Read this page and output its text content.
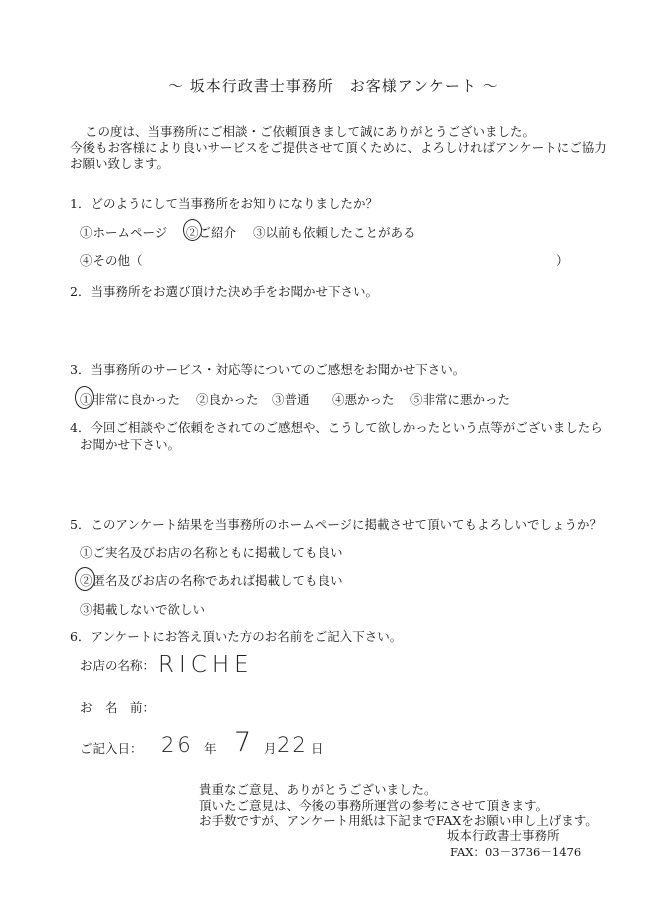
～ 坂本行政書士事務所　お客様アンケート ～
この度は、当事務所にご相談・ご依頼頂きまして誠にありがとうございました。
今後もお客様により良いサービスをご提供させて頂くために、よろしければアンケートにご協力
お願い致します。
1．どのようにして当事務所をお知りになりましたか？
①ホームページ ②ご紹介 ③以前も依頼したことがある
④その他（	）
2．当事務所をお選び頂けた決め手をお聞かせ下さい。
3．当事務所のサービス・対応等についてのご感想をお聞かせ下さい。
①非常に良かった ②良かった ③普通 ④悪かった ⑤非常に悪かった
4．今回ご相談やご依頼をされてのご感想や、こうして欲しかったという点等がございましたら
お聞かせ下さい。
5．このアンケート結果を当事務所のホームページに掲載させて頂いてもよろしいでしょうか？
①ご実名及びお店の名称ともに掲載しても良い
②匿名及びお店の名称であれば掲載しても良い
③掲載しないで欲しい
6．アンケートにお答え頂いた方のお名前をご記入下さい。
お店の名称： RICHE
お　名　前：
ご記入日： 26 年 7 月 22 日
貴重なご意見、ありがとうございました。
頂いたご意見は、今後の事務所運営の参考にさせて頂きます。
お手数ですが、アンケート用紙は下記までFAXをお願い申し上げます。
坂本行政書士事務所
FAX：03－3736－1476
